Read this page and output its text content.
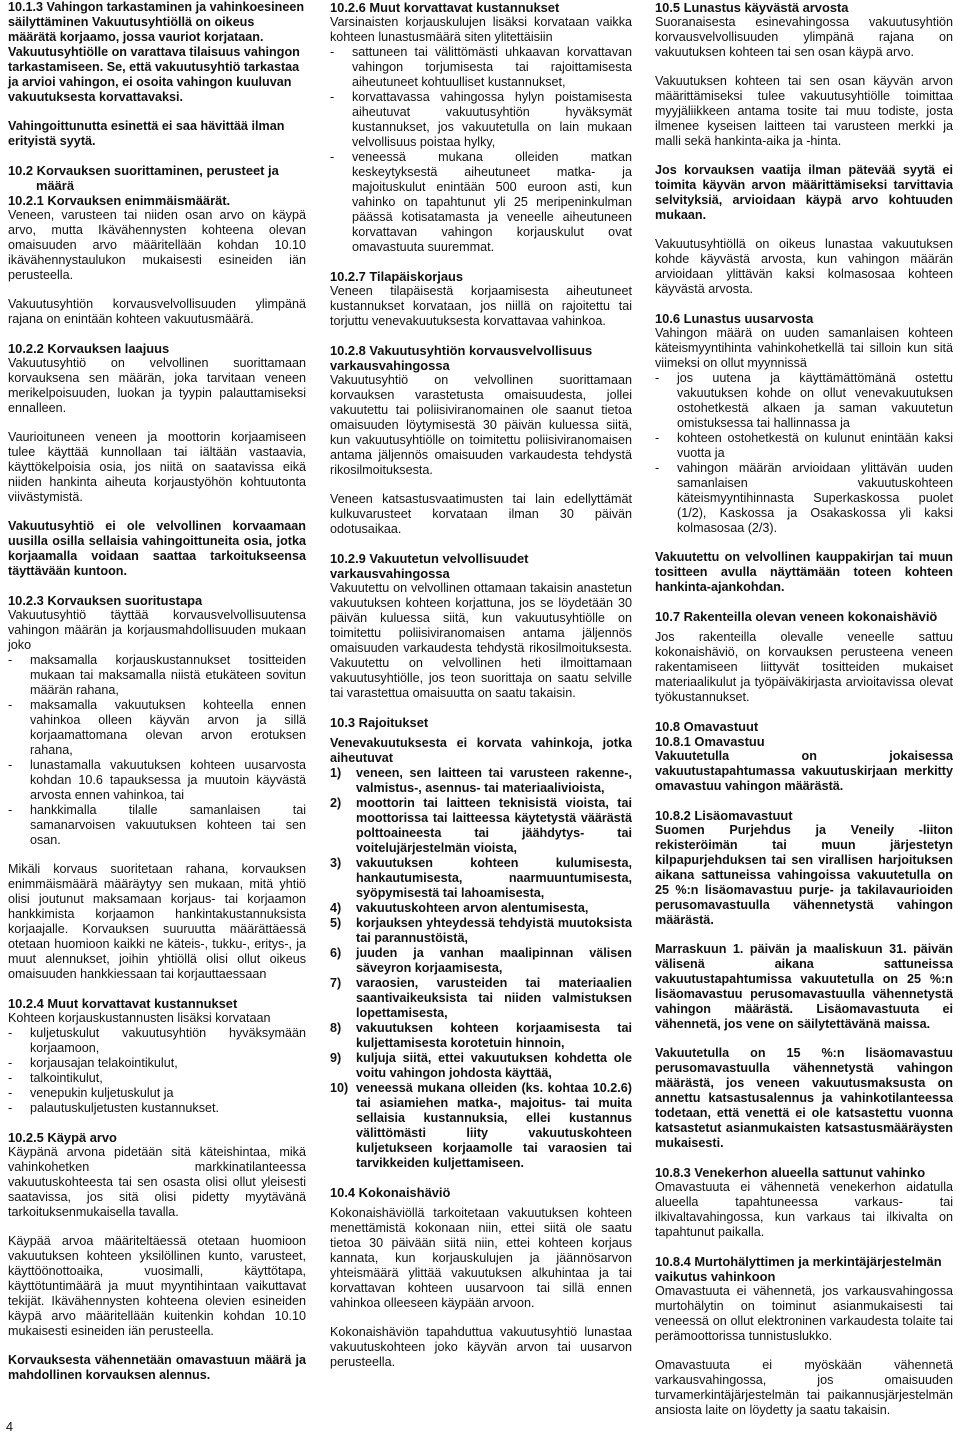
10.1.3 Vahingon tarkastaminen ja vahinkoesineen säilyttäminen Vakuutusyhtiöllä on oikeus määrätä korjaamo, jossa vauriot korjataan. Vakuutusyhtiölle on varattava tilaisuus vahingon tarkastamiseen. Se, että vakuutusyhtiö tarkastaa ja arvioi vahingon, ei osoita vahingon kuuluvan vakuutuksesta korvattavaksi.

Vahingoittunutta esinettä ei saa hävittää ilman erityistä syytä.

10.2 Korvauksen suorittaminen, perusteet ja määrä

10.2.1 Korvauksen enimmäismäärät.

Veneen, varusteen tai niiden osan arvo on käypä arvo, mutta Ikävähennysten kohteena olevan omaisuuden arvo määritellään kohdan 10.10 ikävähennystaulukon mukaisesti esineiden iän perusteella.

Vakuutusyhtiön korvausvelvollisuuden ylimpänä rajana on enintään kohteen vakuutusmäärä.

10.2.2 Korvauksen laajuus

Vakuutusyhtiö on velvollinen suorittamaan korvauksena sen määrän, joka tarvitaan veneen merikelpoisuuden, luokan ja tyypin palauttamiseksi ennalleen.

Vaurioituneen veneen ja moottorin korjaamiseen tulee käyttää kunnollaan tai iältään vastaavia, käyttökelpoisia osia, jos niitä on saatavissa eikä niiden hankinta aiheuta korjaustyöhön kohtuutonta viivästymistä.

Vakuutusyhtiö ei ole velvollinen korvaamaan uusilla osilla sellaisia vahingoittuneita osia, jotka korjaamalla voidaan saattaa tarkoitukseensa täyttävään kuntoon.

10.2.3 Korvauksen suoritustapa

Vakuutusyhtiö täyttää korvausvelvollisuutensa vahingon määrän ja korjausmahdollisuuden mukaan joko

- maksamalla korjauskustannukset tositteiden mukaan tai maksamalla niistä etukäteen sovitun määrän rahana,
- maksamalla vakuutuksen kohteella ennen vahinkoa olleen käyvän arvon ja sillä korjaamattomana olevan arvon erotuksen rahana,
- lunastamalla vakuutuksen kohteen uusarvosta kohdan 10.6 tapauksessa ja muutoin käyvästä arvosta ennen vahinkoa, tai
- hankkimalla tilalle samanlaisen tai samanarvoisen vakuutuksen kohteen tai sen osan.

Mikäli korvaus suoritetaan rahana, korvauksen enimmäismäärä määräytyy sen mukaan, mitä yhtiö olisi joutunut maksamaan korjaus- tai korjaamon hankkimista korjaamon hankintakustannuksista korjaajalle. Korvauksen suuruutta määrättäessä otetaan huomioon kaikki ne käteis-, tukku-, eritys-, ja muut alennukset, joihin yhtiöllä olisi ollut oikeus omaisuuden hankkiessaan tai korjauttaessaan

10.2.4 Muut korvattavat kustannukset

Kohteen korjauskustannusten lisäksi korvataan

- kuljetuskulut vakuutusyhtiön hyväksymään korjaamoon,
- korjausajan telakointikulut,
- talkointikulut,
- venepukin kuljetuskulut ja
- palautuskuljetusten kustannukset.

10.2.5 Käypä arvo

Käypänä arvona pidetään sitä käteishintaa, mikä vahinkohetken markkinatilanteessa vakuutuskohteesta tai sen osasta olisi ollut yleisesti saatavissa, jos sitä olisi pidetty myytävänä tarkoituksenmukaisella tavalla.

Käypää arvoa määriteltäessä otetaan huomioon vakuutuksen kohteen yksilöllinen kunto, varusteet, käyttöönottoaika, vuosimalli, käyttötapa, käyttötuntimäärä ja muut myyntihintaan vaikuttavat tekijät. Ikävähennysten kohteena olevien esineiden käypä arvo määritellään kuitenkin kohdan 10.10 mukaisesti esineiden iän perusteella.

Korvauksesta vähennetään omavastuun määrä ja mahdollinen korvauksen alennus.

10.2.6 Muut korvattavat kustannukset

Varsinaisten korjauskulujen lisäksi korvataan vaikka kohteen lunastusmäärä siten ylitettäisiin

- sattuneen tai välittömästi uhkaavan korvattavan vahingon torjumisesta tai rajoittamisesta aiheutuneet kohtuulliset kustannukset,
- korvattavassa vahingossa hylyn poistamisesta aiheutuvat vakuutusyhtiön hyväksymät kustannukset, jos vakuutetulla on lain mukaan velvollisuus poistaa hylky,
- veneessä mukana olleiden matkan keskeytyksestä aiheutuneet matka- ja majoituskulut enintään 500 euroon asti, kun vahinko on tapahtunut yli 25 meripeninkulman päässä kotisatamasta ja veneelle aiheutuneen korvattavan vahingon korjauskulut ovat omavastuuta suuremmat.

10.2.7 Tilapäiskorjaus

Veneen tilapäisestä korjaamisesta aiheutuneet kustannukset korvataan, jos niillä on rajoitettu tai torjuttu venevakuutuksesta korvattavaa vahinkoa.

10.2.8 Vakuutusyhtiön korvausvelvollisuus varkausvahingossa

Vakuutusyhtiö on velvollinen suorittamaan korvauksen varastetusta omaisuudesta, jollei vakuutettu tai poliisiviranomainen ole saanut tietoa omaisuuden löytymisestä 30 päivän kuluessa siitä, kun vakuutusyhtiölle on toimitettu poliisiviranomaisen antama jäljennös omaisuuden varkaudesta tehdystä rikosilmoituksesta.

Veneen katsastusvaatimusten tai lain edellyttämät kulkuvarusteet korvataan ilman 30 päivän odotusaikaa.

10.2.9 Vakuutetun velvollisuudet varkausvahingossa

Vakuutettu on velvollinen ottamaan takaisin anastetun vakuutuksen kohteen korjattuna, jos se löydetään 30 päivän kuluessa siitä, kun vakuutusyhtiölle on toimitettu poliisiviranomaisen antama jäljennös omaisuuden varkaudesta tehdystä rikosilmoituksesta. Vakuutettu on velvollinen heti ilmoittamaan vakuutusyhtiölle, jos teon suorittaja on saatu selville tai varastettua omaisuutta on saatu takaisin.

10.3 Rajoitukset

Venevakuutuksesta ei korvata vahinkoja, jotka aiheutuvat

1) veneen, sen laitteen tai varusteen rakenne-, valmistus-, asennus- tai materiaalivioista,
2) moottorin tai laitteen teknisistä vioista, tai moottorissa tai laitteessa käytetystä väärästä polttoaineesta tai jäähdytys- tai voitelujärjestelmän vioista,
3) vakuutuksen kohteen kulumisesta, hankautumisesta, naarmuuntumisesta, syöpymisestä tai lahoamisesta,
4) vakuutuskohteen arvon alentumisesta,
5) korjauksen yhteydessä tehdyistä muutoksista tai parannustöistä,
6) juuden ja vanhan maalipinnan välisen säveyron korjaamisesta,
7) varaosien, varusteiden tai materiaalien saantivaikeuksista tai niiden valmistuksen lopettamisesta,
8) vakuutuksen kohteen korjaamisesta tai kuljettamisesta korotetuin hinnoin,
9) kuljuja siitä, ettei vakuutuksen kohdetta ole voitu vahingon johdosta käyttää,
10) veneessä mukana olleiden (ks. kohtaa 10.2.6) tai asiamiehen matka-, majoitus- tai muita sellaisia kustannuksia, ellei kustannus välittömästi liity vakuutuskohteen kuljetukseen korjaamolle tai varaosien tai tarvikkeiden kuljettamiseen.

10.4 Kokonaishäviö

Kokonaishäviöllä tarkoitetaan vakuutuksen kohteen menettämistä kokonaan niin, ettei siitä ole saatu tietoa 30 päivään siitä niin, ettei kohteen korjaus kannata, kun korjauskulujen ja jäännösarvon yhteismäärä ylittää vakuutuksen alkuhintaa ja tai korvattavan kohteen uusarvoon tai sillä ennen vahinkoa olleeseen käypään arvoon.

Kokonaishäviön tapahduttua vakuutusyhtiö lunastaa vakuutuskohteen joko käyvän arvon tai uusarvon perusteella.

10.5 Lunastus käyvästä arvosta

Suoranaisesta esinevahingossa vakuutusyhtiön korvausvelvollisuuden ylimpänä rajana on vakuutuksen kohteen tai sen osan käypä arvo.

Vakuutuksen kohteen tai sen osan käyvän arvon määrittämiseksi tulee vakuutusyhtiölle toimittaa myyjäliikkeen antama tosite tai muu todiste, josta ilmenee kyseisen laitteen tai varusteen merkki ja malli sekä hankinta-aika ja -hinta.

Jos korvauksen vaatija ilman pätevää syytä ei toimita käyvän arvon määrittämiseksi tarvittavia selvityksiä, arvioidaan käypä arvo kohtuuden mukaan.

Vakuutusyhtiöllä on oikeus lunastaa vakuutuksen kohde käyvästä arvosta, kun vahingon määrän arvioidaan ylittävän kaksi kolmasosaa kohteen käyvästä arvosta.

10.6 Lunastus uusarvosta

Vahingon määrä on uuden samanlaisen kohteen käteismyyntihinta vahinkohetkellä tai silloin kun sitä viimeksi on ollut myynnissä

- jos uutena ja käyttämättömänä ostettu vakuutuksen kohde on ollut venevakuutuksen ostohetkestä alkaen ja saman vakuutetun omistuksessa tai hallinnassa ja
- kohteen ostohetkestä on kulunut enintään kaksi vuotta ja
- vahingon määrän arvioidaan ylittävän uuden samanlaisen vakuutuskohteen käteismyyntihinnasta Superkaskossa puolet (1/2), Kaskossa ja Osakaskossa yli kaksi kolmasosaa (2/3).

Vakuutettu on velvollinen kauppakirjan tai muun tositteen avulla näyttämään toteen kohteen hankinta-ajankohdan.

10.7 Rakenteilla olevan veneen kokonaishäviö

Jos rakenteilla olevalle veneelle sattuu kokonaishäviö, on korvauksen perusteena veneen rakentamiseen liittyvät tositteiden mukaiset materiaalikulut ja työpäiväkirjasta arvioitavissa olevat työkustannukset.

10.8 Omavastuut

10.8.1 Omavastuu

Vakuutetulla on jokaisessa vakuutustapahtumassa vakuutuskirjaan merkitty omavastuu vahingon määrästä.

10.8.2 Lisäomavastuut

Suomen Purjehdus ja Veneily -liiton rekisteröimän tai muun järjestetyn kilpapurjehduksen tai sen virallisen harjoituksen aikana sattuneissa vahingoissa vakuutetulla on 25 %:n lisäomavastuu purje- ja takilavaurioiden perusomavastuulla vähennetystä vahingon määrästä.

Marraskuun 1. päivän ja maaliskuun 31. päivän välisenä aikana sattuneissa vakuutustapahtumissa vakuutetulla on 25 %:n lisäomavastuu perusomavastuulla vähennetystä vahingon määrästä. Lisäomavastuuta ei vähennetä, jos vene on säilytettävänä maissa.

Vakuutetulla on 15 %:n lisäomavastuu perusomavastuulla vähennetystä vahingon määrästä, jos veneen vakuutusmaksusta on annettu katsastusalennus ja vahinkotilanteessa todetaan, että venettä ei ole katsastettu vuonna katsastetut asianmukaisten katsastusmääräysten mukaisesti.

10.8.3 Venekerhon alueella sattunut vahinko

Omavastuuta ei vähennetä venekerhon aidatulla alueella tapahtuneessa varkaus- tai ilkivaltavahingossa, kun varkaus tai ilkivalta on tapahtunut paikalla.

10.8.4 Murtohälyttimen ja merkintäjärjestelmän vaikutus vahinkoon

Omavastuuta ei vähennetä, jos varkausvahingossa murtohälytin on toiminut asianmukaisesti tai veneessä on ollut elektroninen varkaudesta tolaite tai perämoottorissa tunnistuslukko.

Omavastuuta ei myöskään vähennetä varkausvahingossa, jos omaisuuden turvamerkintäjärjestelmän tai paikannusjärjestelmän ansiosta laite on löydetty ja saatu takaisin.

4
